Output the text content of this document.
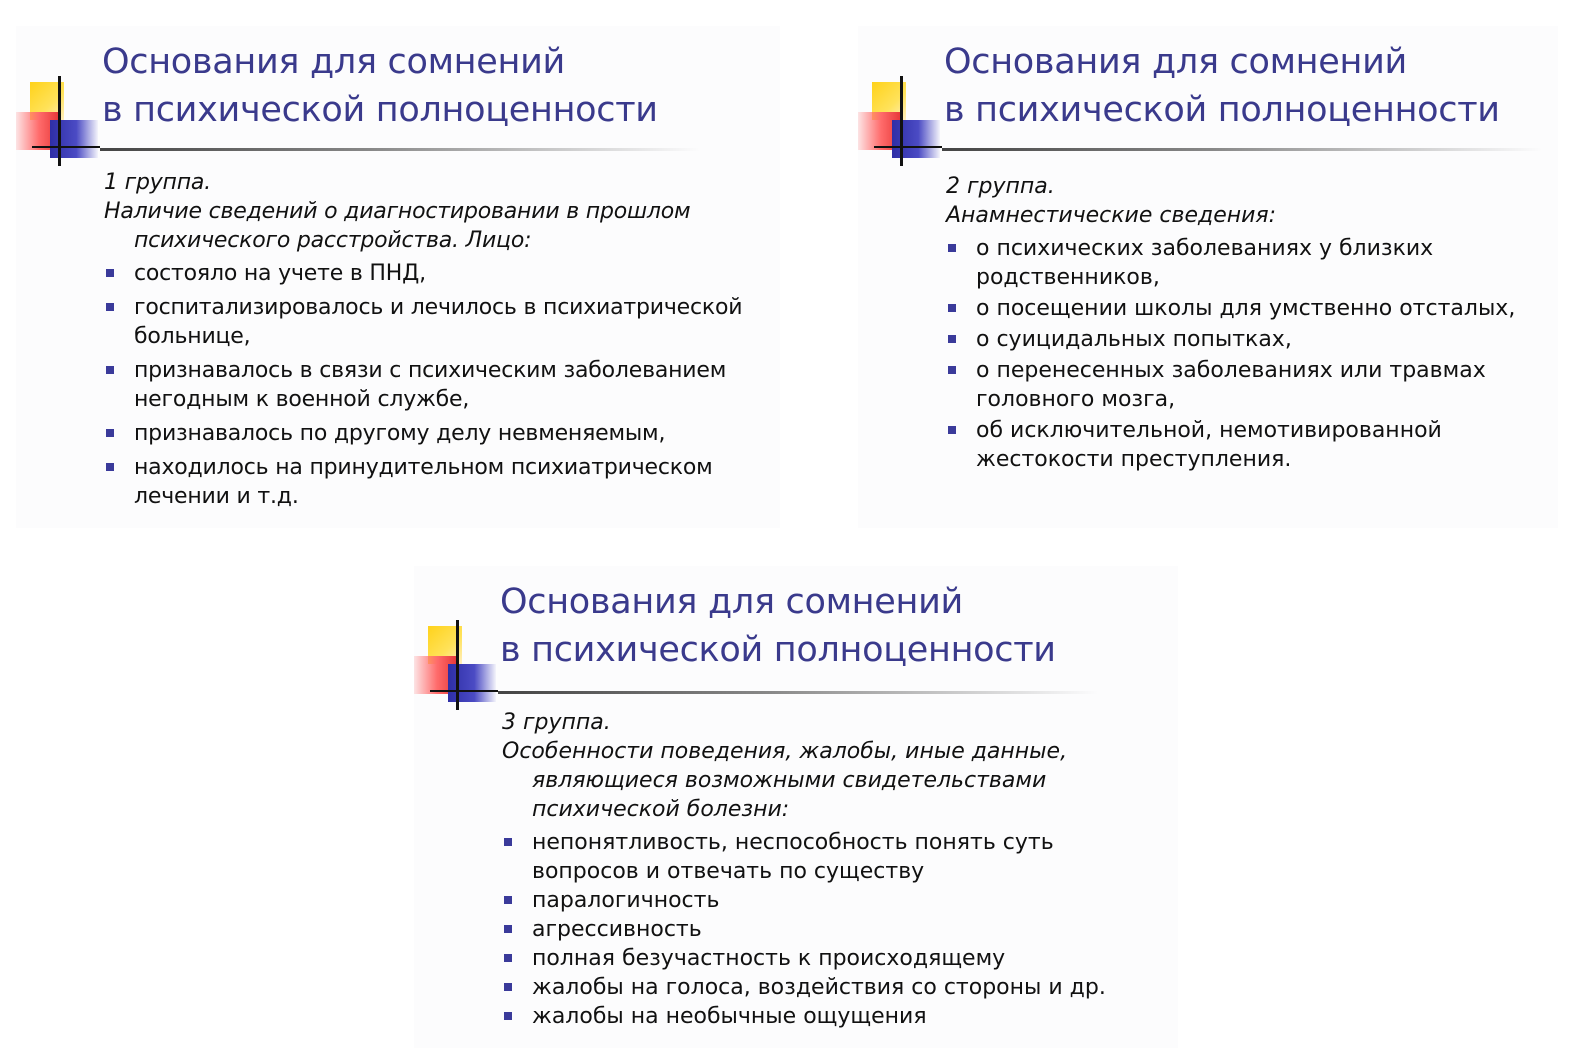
Основания для сомнений
в психической полноценности

1 группа.

Наличие сведений о диагностировании в прошлом психического расстройства. Лицо:

состояло на учете в ПНД,
госпитализировалось и лечилось в психиатрической больнице,
признавалось в связи с психическим заболеванием негодным к военной службе,
признавалось по другому делу невменяемым,
находилось на принудительном психиатрическом лечении и т.д.
Основания для сомнений
в психической полноценности

2 группа.

Анамнестические сведения:

о психических заболеваниях у близких родственников,
о посещении школы для умственно отсталых,
о суицидальных попытках,
о перенесенных заболеваниях или травмах головного мозга,
об исключительной, немотивированной жестокости преступления.
Основания для сомнений
в психической полноценности

3 группа.

Особенности поведения, жалобы, иные данные, являющиеся возможными свидетельствами психической болезни:

непонятливость, неспособность понять суть вопросов и отвечать по существу
паралогичность
агрессивность
полная безучастность к происходящему
жалобы на голоса, воздействия со стороны и др.
жалобы на необычные ощущения
